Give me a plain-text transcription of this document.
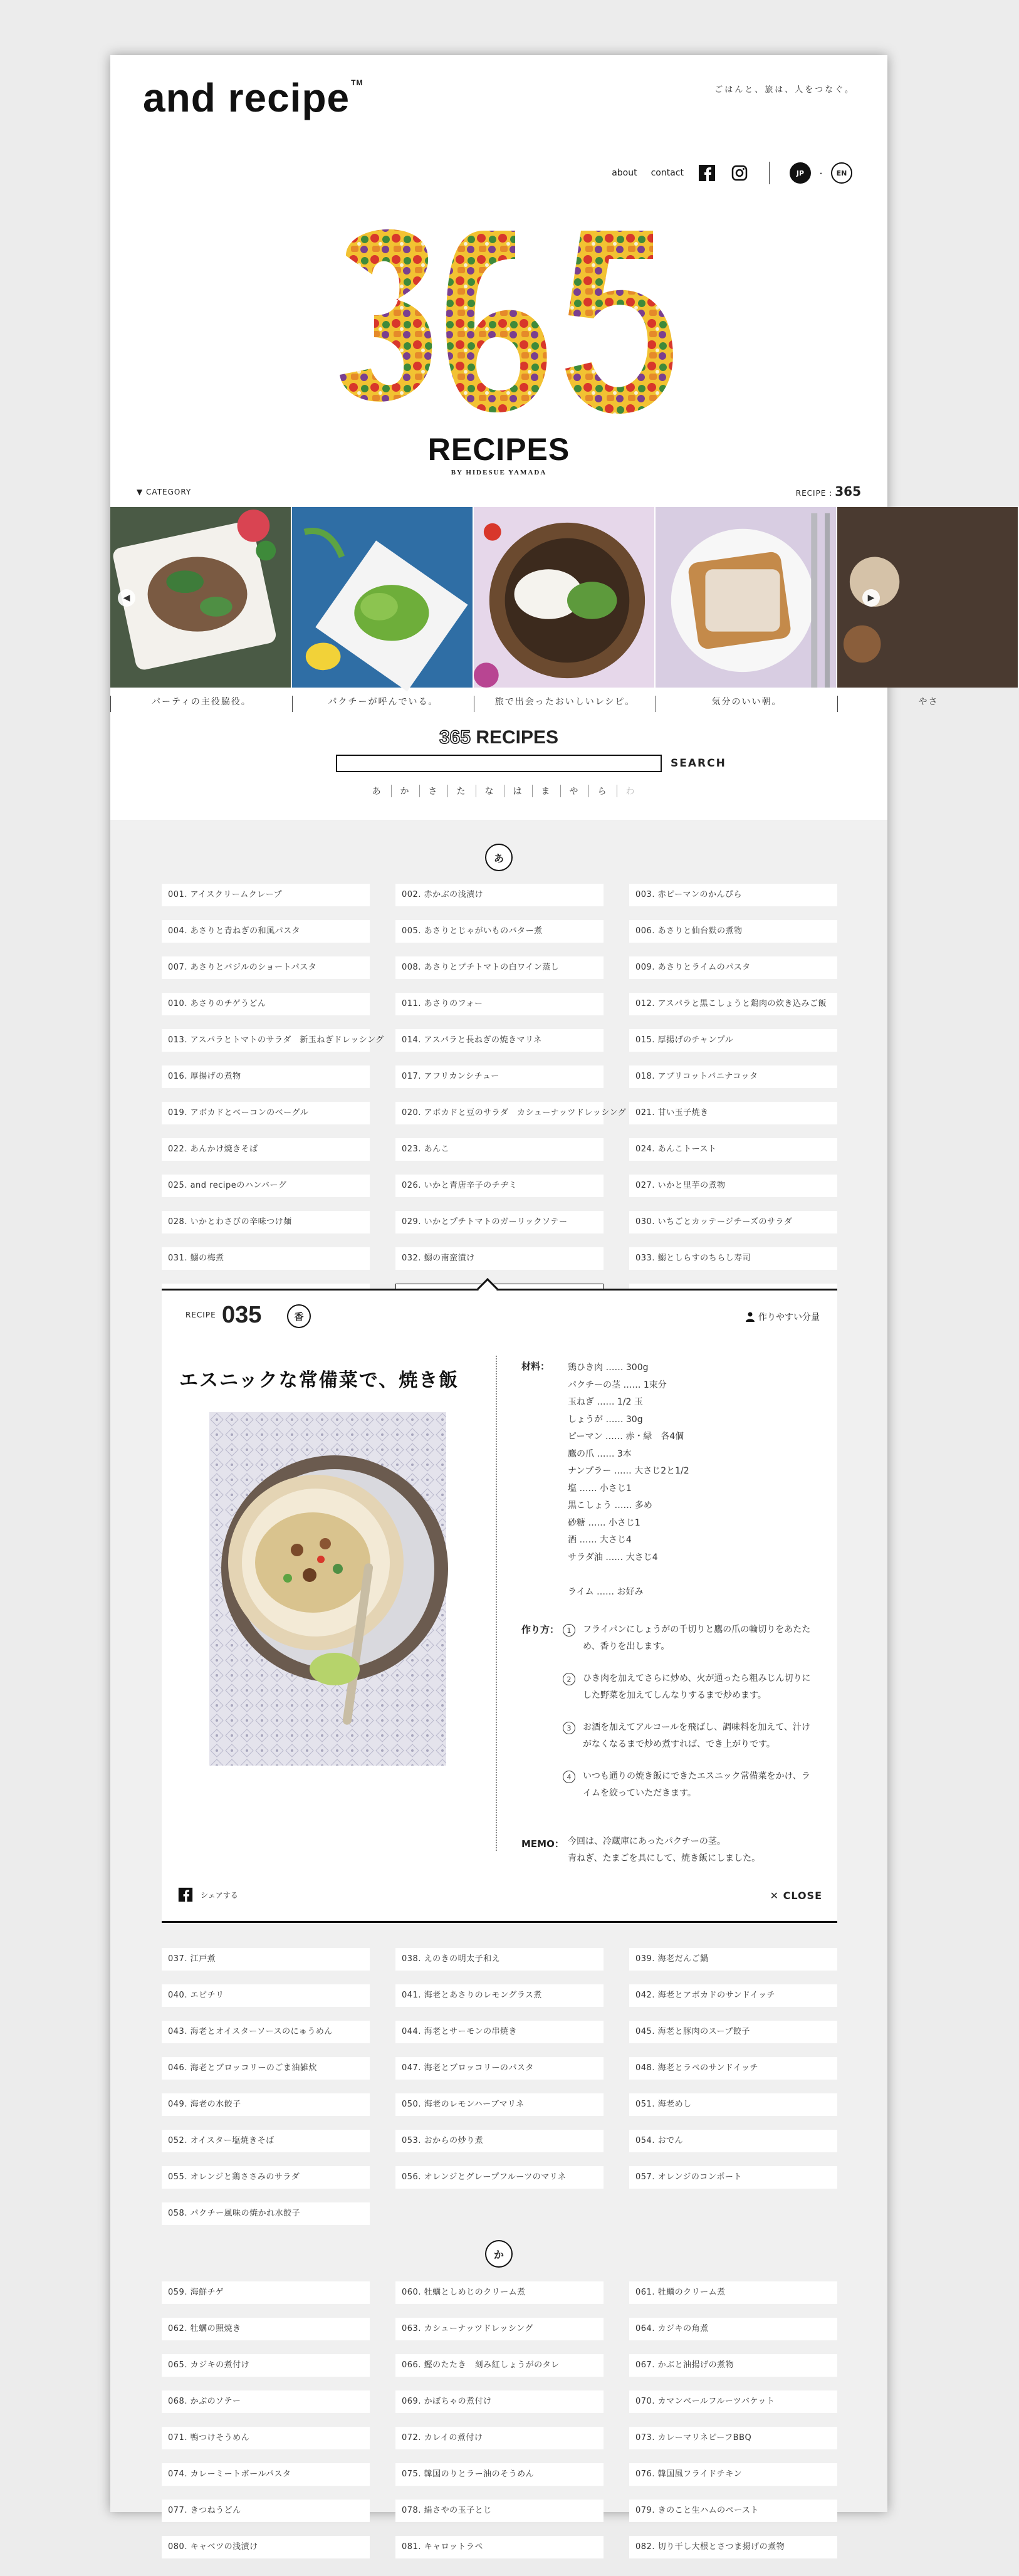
and recipe ™
ごはんと、旅は、人をつなぐ。
about contact	JP	・	EN
RECIPES
BY HIDESUE YAMADA
▼ CATEGORY	RECIPE : 365
◀	▶
パーティの主役脇役。	パクチーが呼んでいる。	旅で出会ったおいしいレシピ。	気分のいい朝。	やさ
365 RECIPES
SEARCH
あ	か	さ	た	な	は	ま	や	ら	わ
あ
001. アイスクリームクレープ	002. 赤かぶの浅漬け	003. 赤ピーマンのかんぴら
004. あさりと青ねぎの和風パスタ	005. あさりとじゃがいものバター煮	006. あさりと仙台麩の煮物
007. あさりとバジルのショートパスタ	008. あさりとプチトマトの白ワイン蒸し	009. あさりとライムのパスタ
010. あさりのチゲうどん	011. あさりのフォー	012. アスパラと黒こしょうと鶏肉の炊き込みご飯
013. アスパラとトマトのサラダ　新玉ねぎドレッシング	014. アスパラと長ねぎの焼きマリネ	015. 厚揚げのチャンプル
016. 厚揚げの煮物	017. アフリカンシチュー	018. アプリコットパニナコッタ
019. アボカドとベーコンのベーグル	020. アボカドと豆のサラダ　カシューナッツドレッシング	021. 甘い玉子焼き
022. あんかけ焼きそば	023. あんこ	024. あんこトースト
025. and recipeのハンバーグ	026. いかと青唐辛子のチヂミ	027. いかと里芋の煮物
028. いかとわさびの辛味つけ麺	029. いかとプチトマトのガーリックソテー	030. いちごとカッテージチーズのサラダ
031. 鰯の梅煮	032. 鰯の南蛮漬け	033. 鰯としらすのちらし寿司
037. 江戸煮	038. えのきの明太子和え	039. 海老だんご鍋
040. エビチリ	041. 海老とあさりのレモングラス煮	042. 海老とアボカドのサンドイッチ
043. 海老とオイスターソースのにゅうめん	044. 海老とサーモンの串焼き	045. 海老と豚肉のスープ餃子
046. 海老とブロッコリーのごま油雑炊	047. 海老とブロッコリーのパスタ	048. 海老とラペのサンドイッチ
049. 海老の水餃子	050. 海老のレモンハーブマリネ	051. 海老めし
052. オイスター塩焼きそば	053. おからの炒り煮	054. おでん
055. オレンジと鶏ささみのサラダ	056. オレンジとグレープフルーツのマリネ	057. オレンジのコンポート
058. パクチー風味の焼かれ水餃子
か
059. 海鮮チゲ	060. 牡蠣としめじのクリーム煮	061. 牡蠣のクリーム煮
062. 牡蠣の照焼き	063. カシューナッツドレッシング	064. カジキの角煮
065. カジキの煮付け	066. 鰹のたたき　刻み紅しょうがのタレ	067. かぶと油揚げの煮物
068. かぶのソテー	069. かぼちゃの煮付け	070. カマンベールフルーツバケット
071. 鴨つけそうめん	072. カレイの煮付け	073. カレーマリネビーフBBQ
074. カレーミートボールパスタ	075. 韓国のりとラー油のそうめん	076. 韓国風フライドチキン
077. きつねうどん	078. 絹さやの玉子とじ	079. きのこと生ハムのペースト
080. キャベツの浅漬け	081. キャロットラペ	082. 切り干し大根とさつま揚げの煮物
RECIPE 035	香	作りやすい分量
エスニックな常備菜で、焼き飯
材料： 鶏ひき肉 …… 300g
パクチーの茎 …… 1束分
玉ねぎ …… 1/2 玉
しょうが …… 30g
ピーマン …… 赤・緑　各4個
鷹の爪 …… 3本
ナンプラー …… 大さじ2と1/2
塩 …… 小さじ1
黒こしょう …… 多め
砂糖 …… 小さじ1
酒 …… 大さじ4
サラダ油 …… 大さじ4

ライム …… お好み
作り方：	1	フライパンにしょうがの千切りと鷹の爪の輪切りをあたため、香りを出します。
2	ひき肉を加えてさらに炒め、火が通ったら粗みじん切りにした野菜を加えてしんなりするまで炒めます。
3	お酒を加えてアルコールを飛ばし、調味料を加えて、汁けがなくなるまで炒め煮すれば、でき上がりです。
4	いつも通りの焼き飯にできたエスニック常備菜をかけ、ライムを絞っていただきます。
MEMO： 今回は、冷蔵庫にあったパクチーの茎。
青ねぎ、たまごを具にして、焼き飯にしました。
シェアする	✕ CLOSE
